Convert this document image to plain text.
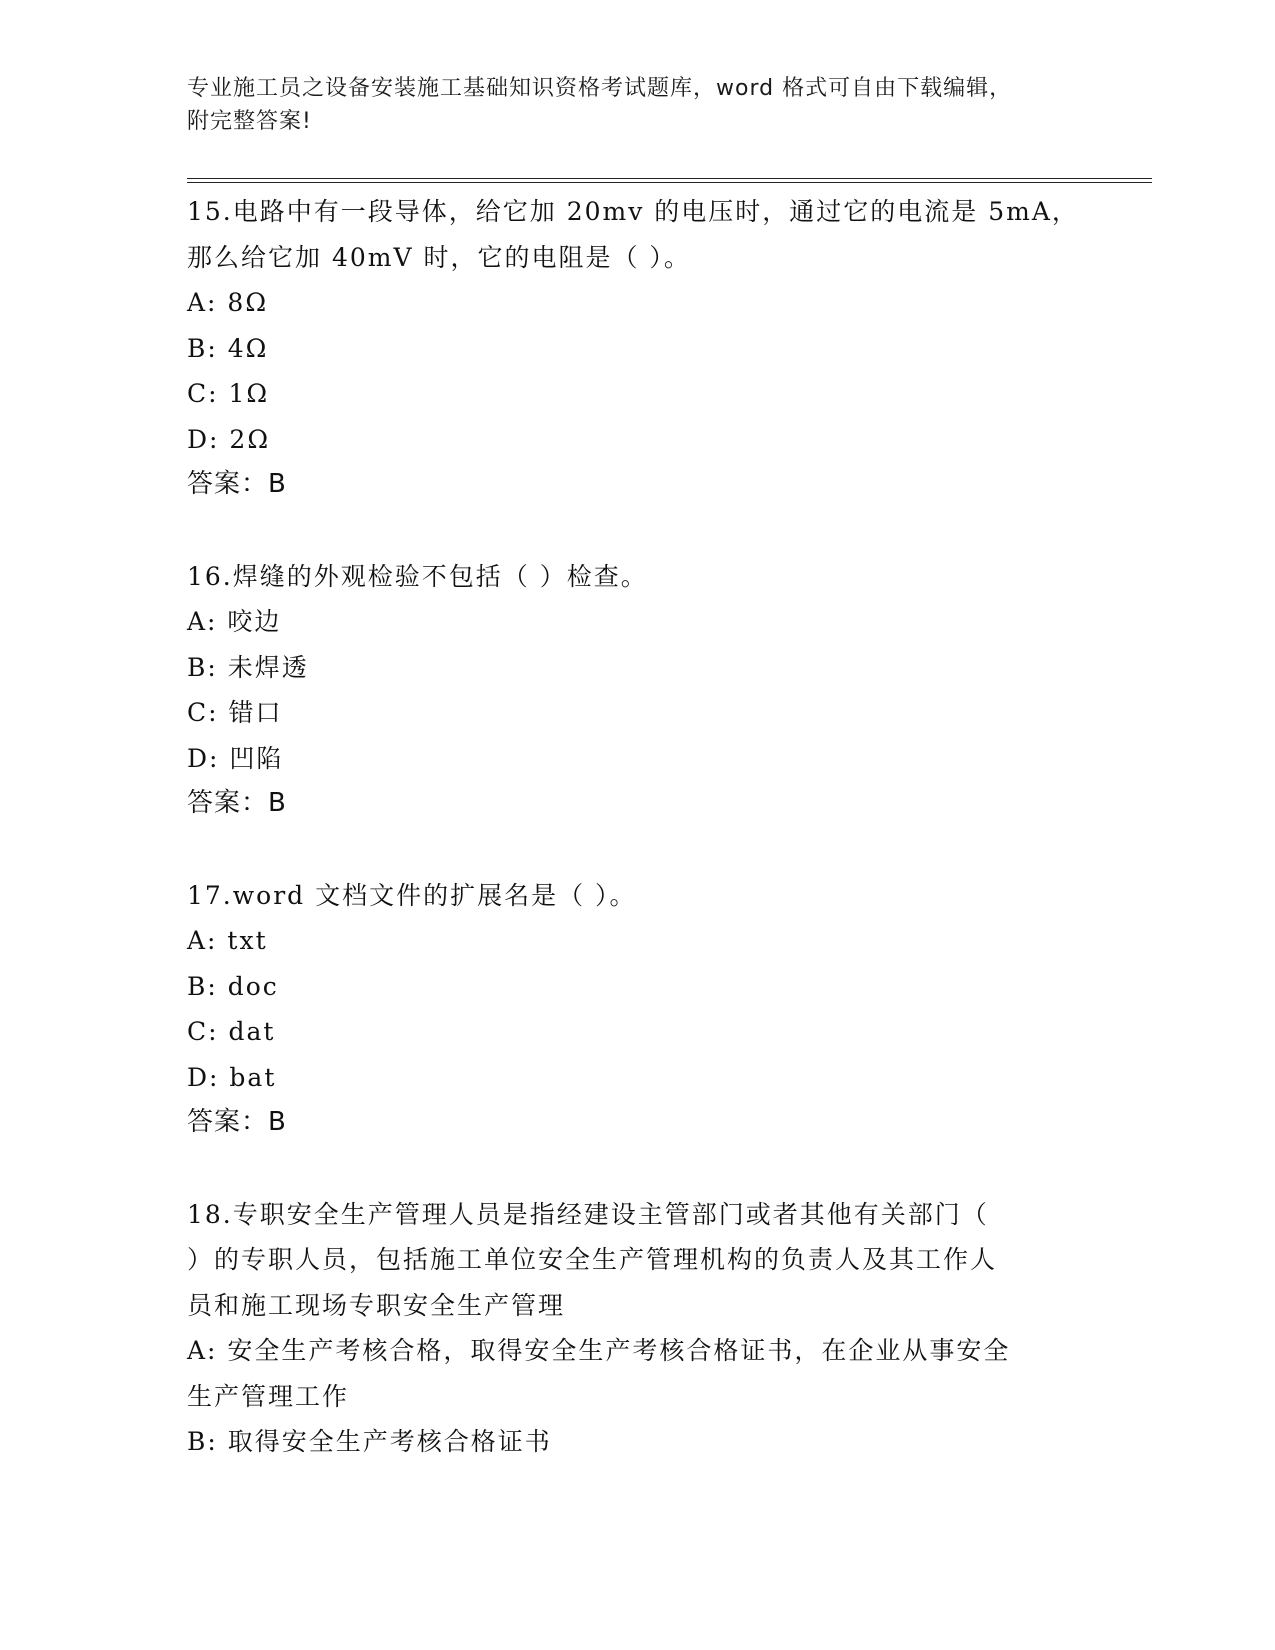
专业施工员之设备安装施工基础知识资格考试题库，word 格式可自由下载编辑，
附完整答案!
15.电路中有一段导体，给它加 20mv 的电压时，通过它的电流是 5mA，
那么给它加 40mV 时，它的电阻是（ ）。
A: 8Ω
B: 4Ω
C: 1Ω
D: 2Ω
答案：B
16.焊缝的外观检验不包括（ ）检查。
A: 咬边
B: 未焊透
C: 错口
D: 凹陷
答案：B
17.word 文档文件的扩展名是（ ）。
A: txt
B: doc
C: dat
D: bat
答案：B
18.专职安全生产管理人员是指经建设主管部门或者其他有关部门（
）的专职人员，包括施工单位安全生产管理机构的负责人及其工作人
员和施工现场专职安全生产管理
A: 安全生产考核合格，取得安全生产考核合格证书，在企业从事安全
生产管理工作
B: 取得安全生产考核合格证书
